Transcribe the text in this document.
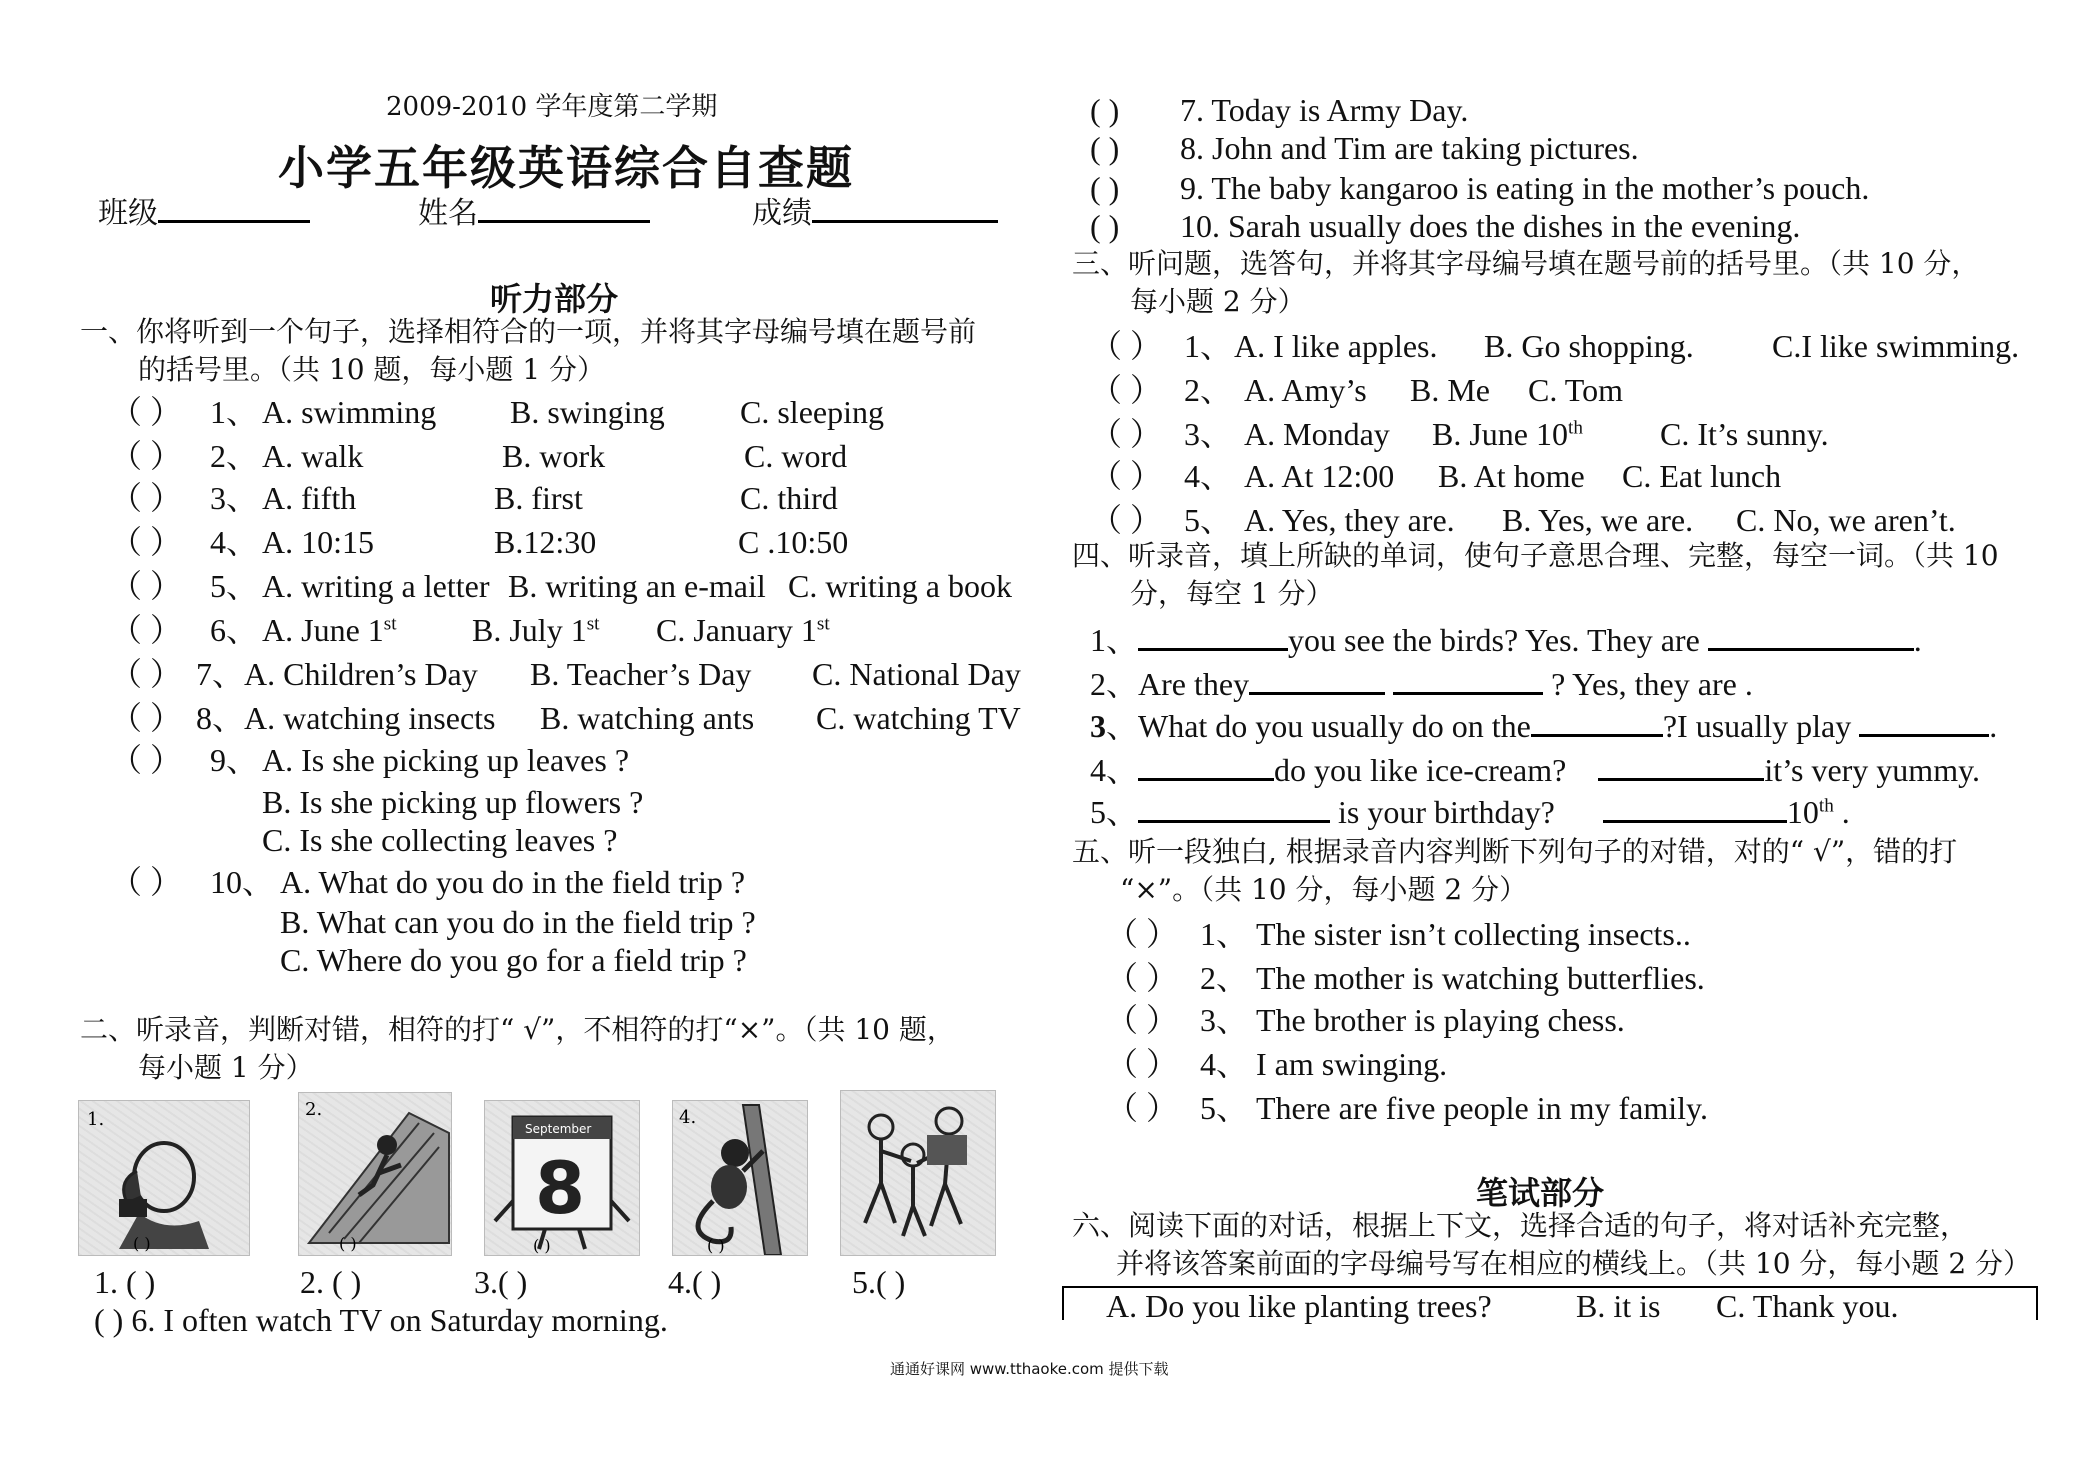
2009-2010 学年度第二学期
小学五年级英语综合自查题
班级	姓名	成绩
听力部分
一、你将听到一个句子，选择相符合的一项，并将其字母编号填在题号前
的括号里。（共 10 题，每小题 1 分）
（ ） 1、 A. swimming B. swinging C. sleeping
（ ） 2、 A. walk	B. work	C. word
（ ） 3、 A. fifth	B. first	C. third
（ ） 4、 A. 10:15	B.12:30	C .10:50
（ ） 5、 A. writing a letter B. writing an e-mail C. writing a book
（ ） 6、 A. June 1st B. July 1st C. January 1st
（ ） 7、 A. Children’s Day B. Teacher’s Day C. National Day
（ ） 8、 A. watching insects B. watching ants C. watching TV
（ ） 9、 A. Is she picking up leaves ?
B. Is she picking up flowers ?
C. Is she collecting leaves ?
（ ） 10、 A. What do you do in the field trip ?
B. What can you do in the field trip ?
C. Where do you go for a field trip ?
二、听录音，判断对错，相符的打“ √”，不相符的打“×”。（共 10 题，
每小题 1 分）
1.
( )
2.
( )
September
8
( )
4.
( )
1. ( )	2. ( )	3.( )	4.( )	5.( )
( ) 6. I often watch TV on Saturday morning.
( ) 7. Today is Army Day.
( ) 8. John and Tim are taking pictures.
( ) 9. The baby kangaroo is eating in the mother’s pouch.
( ) 10. Sarah usually does the dishes in the evening.
三、听问题，选答句，并将其字母编号填在题号前的括号里。（共 10 分，
每小题 2 分）
（ ） 1、 A. I like apples. B. Go shopping. C.I like swimming.
（ ） 2、 A. Amy’s B. Me C. Tom
（ ） 3、 A. Monday B. June 10th C. It’s sunny.
（ ） 4、 A. At 12:00 B. At home C. Eat lunch
（ ） 5、 A. Yes, they are. B. Yes, we are. C. No, we aren’t.
四、听录音，填上所缺的单词，使句子意思合理、完整，每空一词。（共 10
分，每空 1 分）
1、	you see the birds? Yes. They are	.
2、Are they	? Yes, they are .
3、What do you usually do on the	?I usually play	.
4、	do you like ice-cream?	it’s very yummy.
5、	is your birthday?	10th .
五、听一段独白, 根据录音内容判断下列句子的对错，对的“ √”，错的打
“×”。（共 10 分，每小题 2 分）
（ ） 1、 The sister isn’t collecting insects..
（ ） 2、 The mother is watching butterflies.
（ ） 3、 The brother is playing chess.
（ ） 4、 I am swinging.
（ ） 5、 There are five people in my family.
笔试部分
六、阅读下面的对话，根据上下文，选择合适的句子，将对话补充完整，
并将该答案前面的字母编号写在相应的横线上。（共 10 分，每小题 2 分）
A. Do you like planting trees?	B. it is C. Thank you.
通通好课网 www.tthaoke.com 提供下载
